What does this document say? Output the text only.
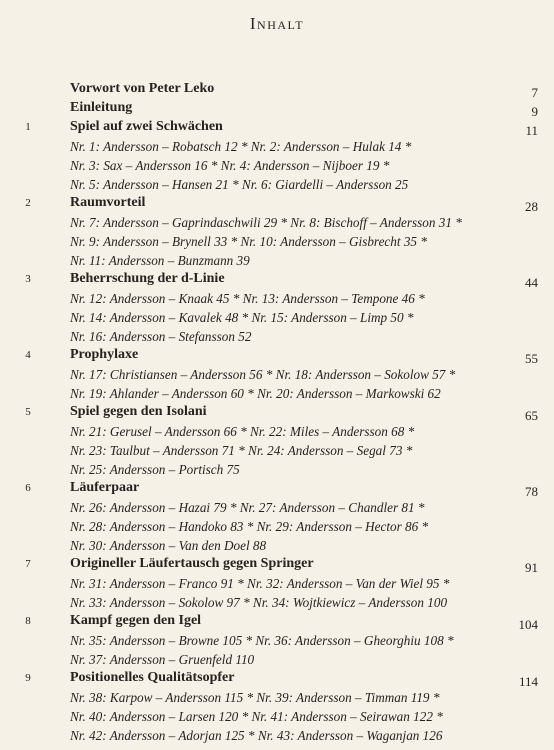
Inhalt
Vorwort von Peter Leko	7
Einleitung	9
1	Spiel auf zwei Schwächen	11
Nr. 1: Andersson – Robatsch 12 * Nr. 2: Andersson – Hulak 14 *
Nr. 3: Sax – Andersson 16 * Nr. 4: Andersson – Nijboer 19 *
Nr. 5: Andersson – Hansen 21 * Nr. 6: Giardelli – Andersson 25
2	Raumvorteil	28
Nr. 7: Andersson – Gaprindaschwili 29 * Nr. 8: Bischoff – Andersson 31 *
Nr. 9: Andersson – Brynell 33 * Nr. 10: Andersson – Gisbrecht 35 *
Nr. 11: Andersson – Bunzmann 39
3	Beherrschung der d-Linie	44
Nr. 12: Andersson – Knaak 45 * Nr. 13: Andersson – Tempone 46 *
Nr. 14: Andersson – Kavalek 48 * Nr. 15: Andersson – Limp 50 *
Nr. 16: Andersson – Stefansson 52
4	Prophylaxe	55
Nr. 17: Christiansen – Andersson 56 * Nr. 18: Andersson – Sokolow 57 *
Nr. 19: Ahlander – Andersson 60 * Nr. 20: Andersson – Markowski 62
5	Spiel gegen den Isolani	65
Nr. 21: Gerusel – Andersson 66 * Nr. 22: Miles – Andersson 68 *
Nr. 23: Taulbut – Andersson 71 * Nr. 24: Andersson – Segal 73 *
Nr. 25: Andersson – Portisch 75
6	Läuferpaar	78
Nr. 26: Andersson – Hazai 79 * Nr. 27: Andersson – Chandler 81 *
Nr. 28: Andersson – Handoko 83 * Nr. 29: Andersson – Hector 86 *
Nr. 30: Andersson – Van den Doel 88
7	Origineller Läufertausch gegen Springer	91
Nr. 31: Andersson – Franco 91 * Nr. 32: Andersson – Van der Wiel 95 *
Nr. 33: Andersson – Sokolow 97 * Nr. 34: Wojtkiewicz – Andersson 100
8	Kampf gegen den Igel	104
Nr. 35: Andersson – Browne 105 * Nr. 36: Andersson – Gheorghiu 108 *
Nr. 37: Andersson – Gruenfeld 110
9	Positionelles Qualitätsopfer	114
Nr. 38: Karpow – Andersson 115 * Nr. 39: Andersson – Timman 119 *
Nr. 40: Andersson – Larsen 120 * Nr. 41: Andersson – Seirawan 122 *
Nr. 42: Andersson – Adorjan 125 * Nr. 43: Andersson – Waganjan 126
